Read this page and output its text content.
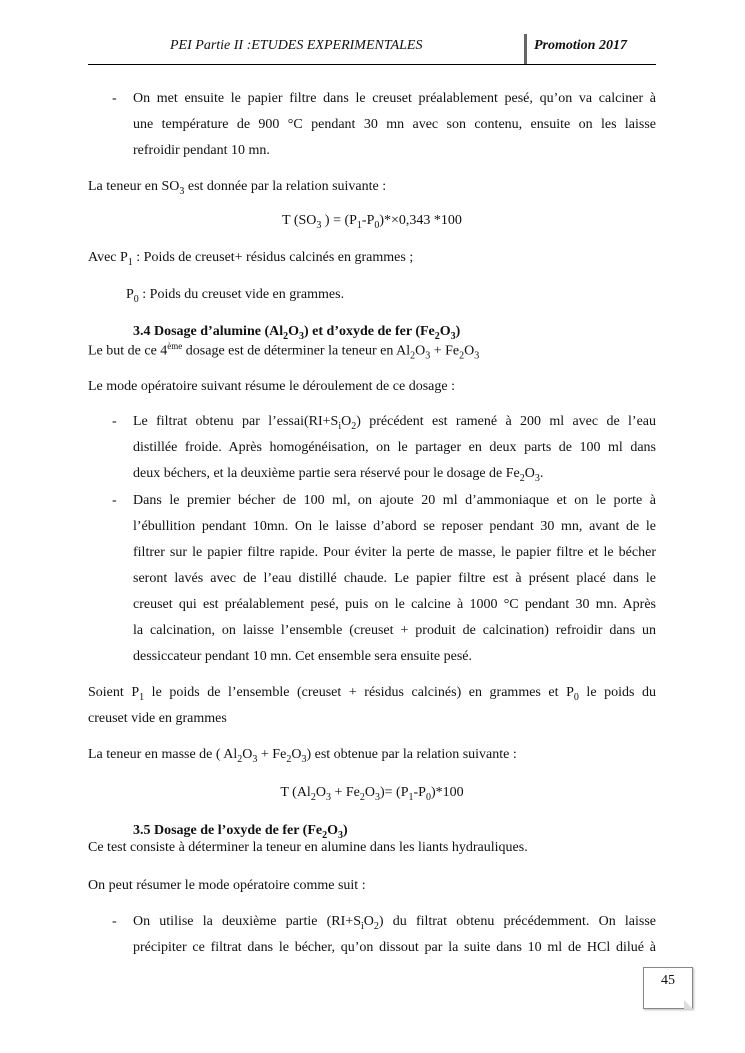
PEI Partie II :ETUDES EXPERIMENTALES	Promotion 2017
-	On met ensuite le papier filtre dans le creuset préalablement pesé, qu’on va calciner à
une température de 900 °C pendant 30 mn avec son contenu, ensuite on les laisse
refroidir pendant 10 mn.
La teneur en $SO_3$ est donnée par la relation suivante :
T ($SO_3$ ) = $(P_1-P_0)*\times 0,343$ *100
Avec $P_1$ : Poids de creuset+ résidus calcinés en grammes ;
$P_0$ : Poids du creuset vide en grammes.
3.4 Dosage d’alumine $(Al_2O_3)$ et d’oxyde de fer $(Fe_2O_3)$
Le but de ce 4ème dosage est de déterminer la teneur en $Al_2O_3 + Fe_2O_3$
Le mode opératoire suivant résume le déroulement de ce dosage :
-	Le filtrat obtenu par $l’essai(RI+S_iO_2)$ précédent est ramené à 200 ml avec de l’eau
distillée froide. Après homogénéisation, on le partager en deux parts de 100 ml dans
deux béchers, et la deuxième partie sera réservé pour le dosage de $Fe_2O_3$.
-	Dans le premier bécher de 100 ml, on ajoute 20 ml d’ammoniaque et on le porte à
l’ébullition pendant 10mn. On le laisse d’abord se reposer pendant 30 mn, avant de le
filtrer sur le papier filtre rapide. Pour éviter la perte de masse, le papier filtre et le bécher
seront lavés avec de l’eau distillé chaude. Le papier filtre est à présent placé dans le
creuset qui est préalablement pesé, puis on le calcine à 1000 °C pendant 30 mn. Après
la calcination, on laisse l’ensemble (creuset + produit de calcination) refroidir dans un
dessiccateur pendant 10 mn. Cet ensemble sera ensuite pesé.
Soient $P_1$ le poids de l’ensemble (creuset + résidus calcinés) en grammes et $P_0$ le poids du
creuset vide en grammes
La teneur en masse de ( $Al_2O_3 + Fe_2O_3$) est obtenue par la relation suivante :
T $(Al_2O_3 + Fe_2O_3)= (P_1-P_0)*100$
3.5 Dosage de l’oxyde de fer $(Fe_2O_3)$
Ce test consiste à déterminer la teneur en alumine dans les liants hydrauliques.
On peut résumer le mode opératoire comme suit :
-	On utilise la deuxième partie $(RI+S_iO_2)$ du filtrat obtenu précédemment. On laisse
précipiter ce filtrat dans le bécher, qu’on dissout par la suite dans 10 ml de HCl dilué à
45
